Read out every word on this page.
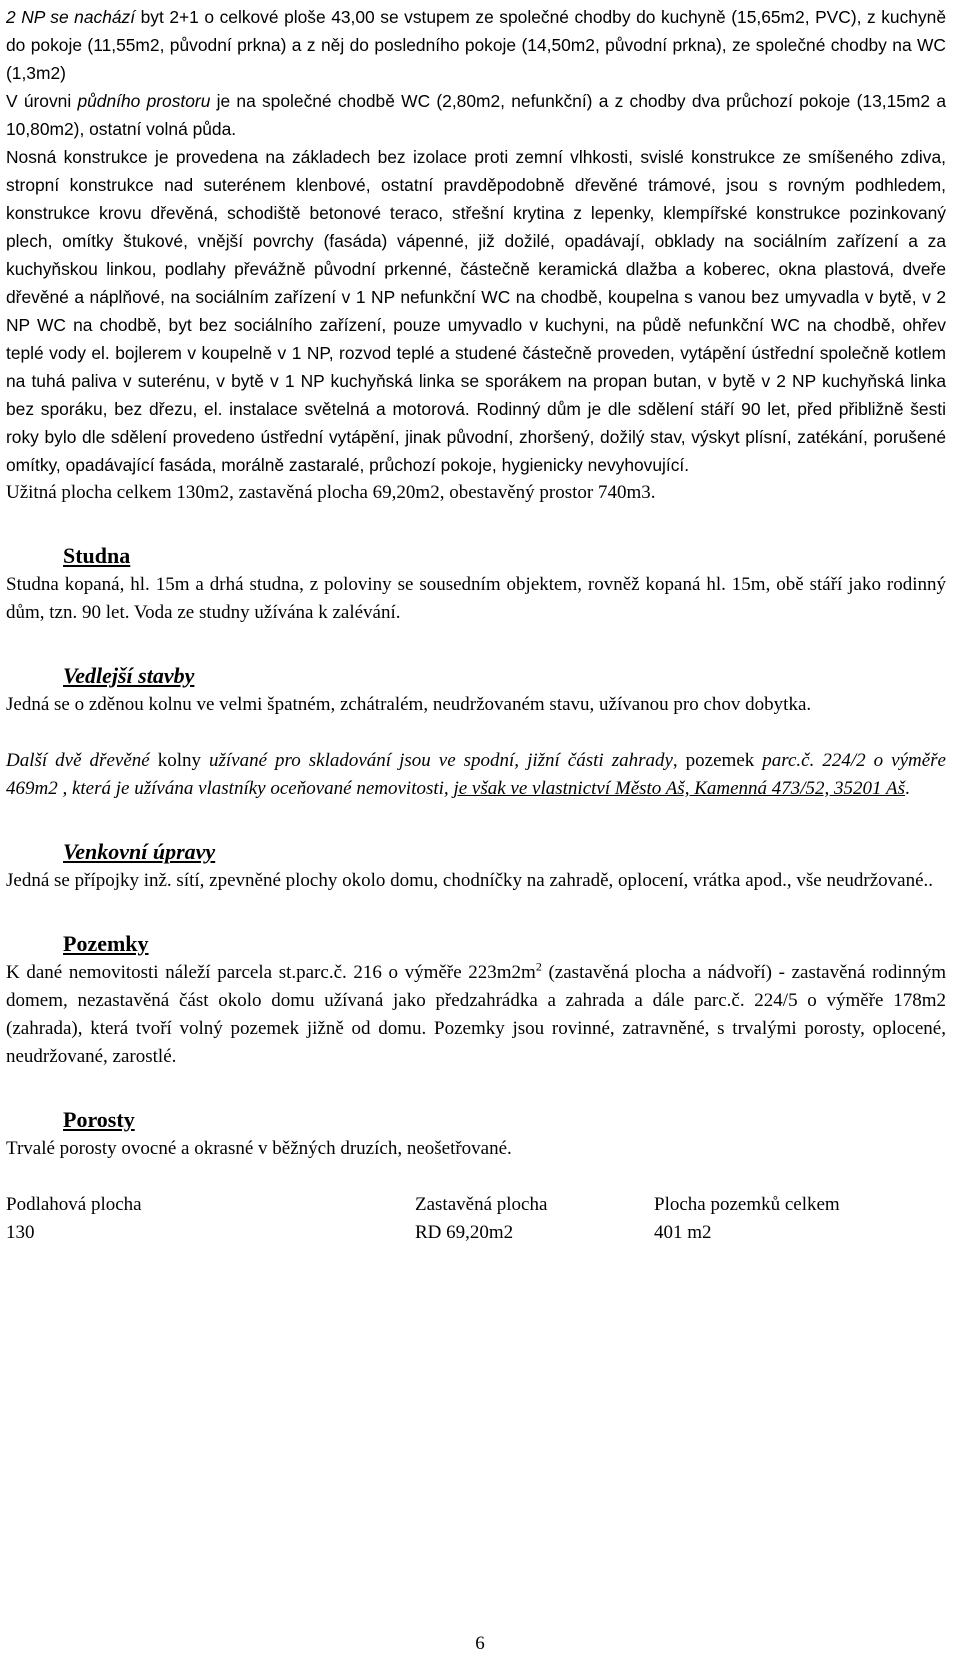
2 NP se nachází byt 2+1 o celkové ploše 43,00 se vstupem ze společné chodby do kuchyně (15,65m2, PVC), z kuchyně do pokoje (11,55m2, původní prkna) a z něj do posledního pokoje (14,50m2, původní prkna), ze společné chodby na WC (1,3m2)

V úrovni půdního prostoru je na společné chodbě WC (2,80m2, nefunkční) a z chodby dva průchozí pokoje (13,15m2 a 10,80m2), ostatní volná půda.

Nosná konstrukce je provedena na základech bez izolace proti zemní vlhkosti, svislé konstrukce ze smíšeného zdiva, stropní konstrukce nad suterénem klenbové, ostatní pravděpodobně dřevěné trámové, jsou s rovným podhledem, konstrukce krovu dřevěná, schodiště betonové teraco, střešní krytina z lepenky, klempířské konstrukce pozinkovaný plech, omítky štukové, vnější povrchy (fasáda) vápenné, již dožilé, opadávají, obklady na sociálním zařízení a za kuchyňskou linkou, podlahy převážně původní prkenné, částečně keramická dlažba a koberec, okna plastová, dveře dřevěné a náplňové, na sociálním zařízení v 1 NP nefunkční WC na chodbě, koupelna s vanou bez umyvadla v bytě, v 2 NP WC na chodbě, byt bez sociálního zařízení, pouze umyvadlo v kuchyni, na půdě nefunkční WC na chodbě, ohřev teplé vody el. bojlerem v koupelně v 1 NP, rozvod teplé a studené částečně proveden, vytápění ústřední společně kotlem na tuhá paliva v suterénu, v bytě v 1 NP kuchyňská linka se sporákem na propan butan, v bytě v 2 NP kuchyňská linka bez sporáku, bez dřezu, el. instalace světelná a motorová. Rodinný dům je dle sdělení stáří 90 let, před přibližně šesti roky bylo dle sdělení provedeno ústřední vytápění, jinak původní, zhoršený, dožilý stav, výskyt plísní, zatékání, porušené omítky, opadávající fasáda, morálně zastaralé, průchozí pokoje, hygienicky nevyhovující.

Užitná plocha celkem 130m2, zastavěná plocha 69,20m2, obestavěný prostor 740m3.

Studna

Studna kopaná, hl. 15m a drhá studna, z poloviny se sousedním objektem, rovněž kopaná hl. 15m, obě stáří jako rodinný dům, tzn. 90 let. Voda ze studny užívána k zalévání.

Vedlejší stavby

Jedná se o zděnou kolnu ve velmi špatném, zchátralém, neudržovaném stavu, užívanou pro chov dobytka.

Další dvě dřevěné kolny užívané pro skladování jsou ve spodní, jižní části zahrady, pozemek parc.č. 224/2 o výměře 469m2 , která je užívána vlastníky oceňované nemovitosti, je však ve vlastnictví Město Aš, Kamenná 473/52, 35201 Aš.

Venkovní úpravy

Jedná se přípojky inž. sítí, zpevněné plochy okolo domu, chodníčky na zahradě, oplocení, vrátka apod., vše neudržované..

Pozemky

K dané nemovitosti náleží parcela st.parc.č. 216 o výměře $223m2m^2$ (zastavěná plocha a nádvoří) - zastavěná rodinným domem, nezastavěná část okolo domu užívaná jako předzahrádka a zahrada a dále parc.č. 224/5 o výměře 178m2 (zahrada), která tvoří volný pozemek jižně od domu. Pozemky jsou rovinné, zatravněné, s trvalými porosty, oplocené, neudržované, zarostlé.

Porosty

Trvalé porosty ovocné a okrasné v běžných druzích, neošetřované.

Podlahová plocha	Zastavěná plocha	Plocha pozemků celkem
130	RD 69,20m2	401 m2
6
